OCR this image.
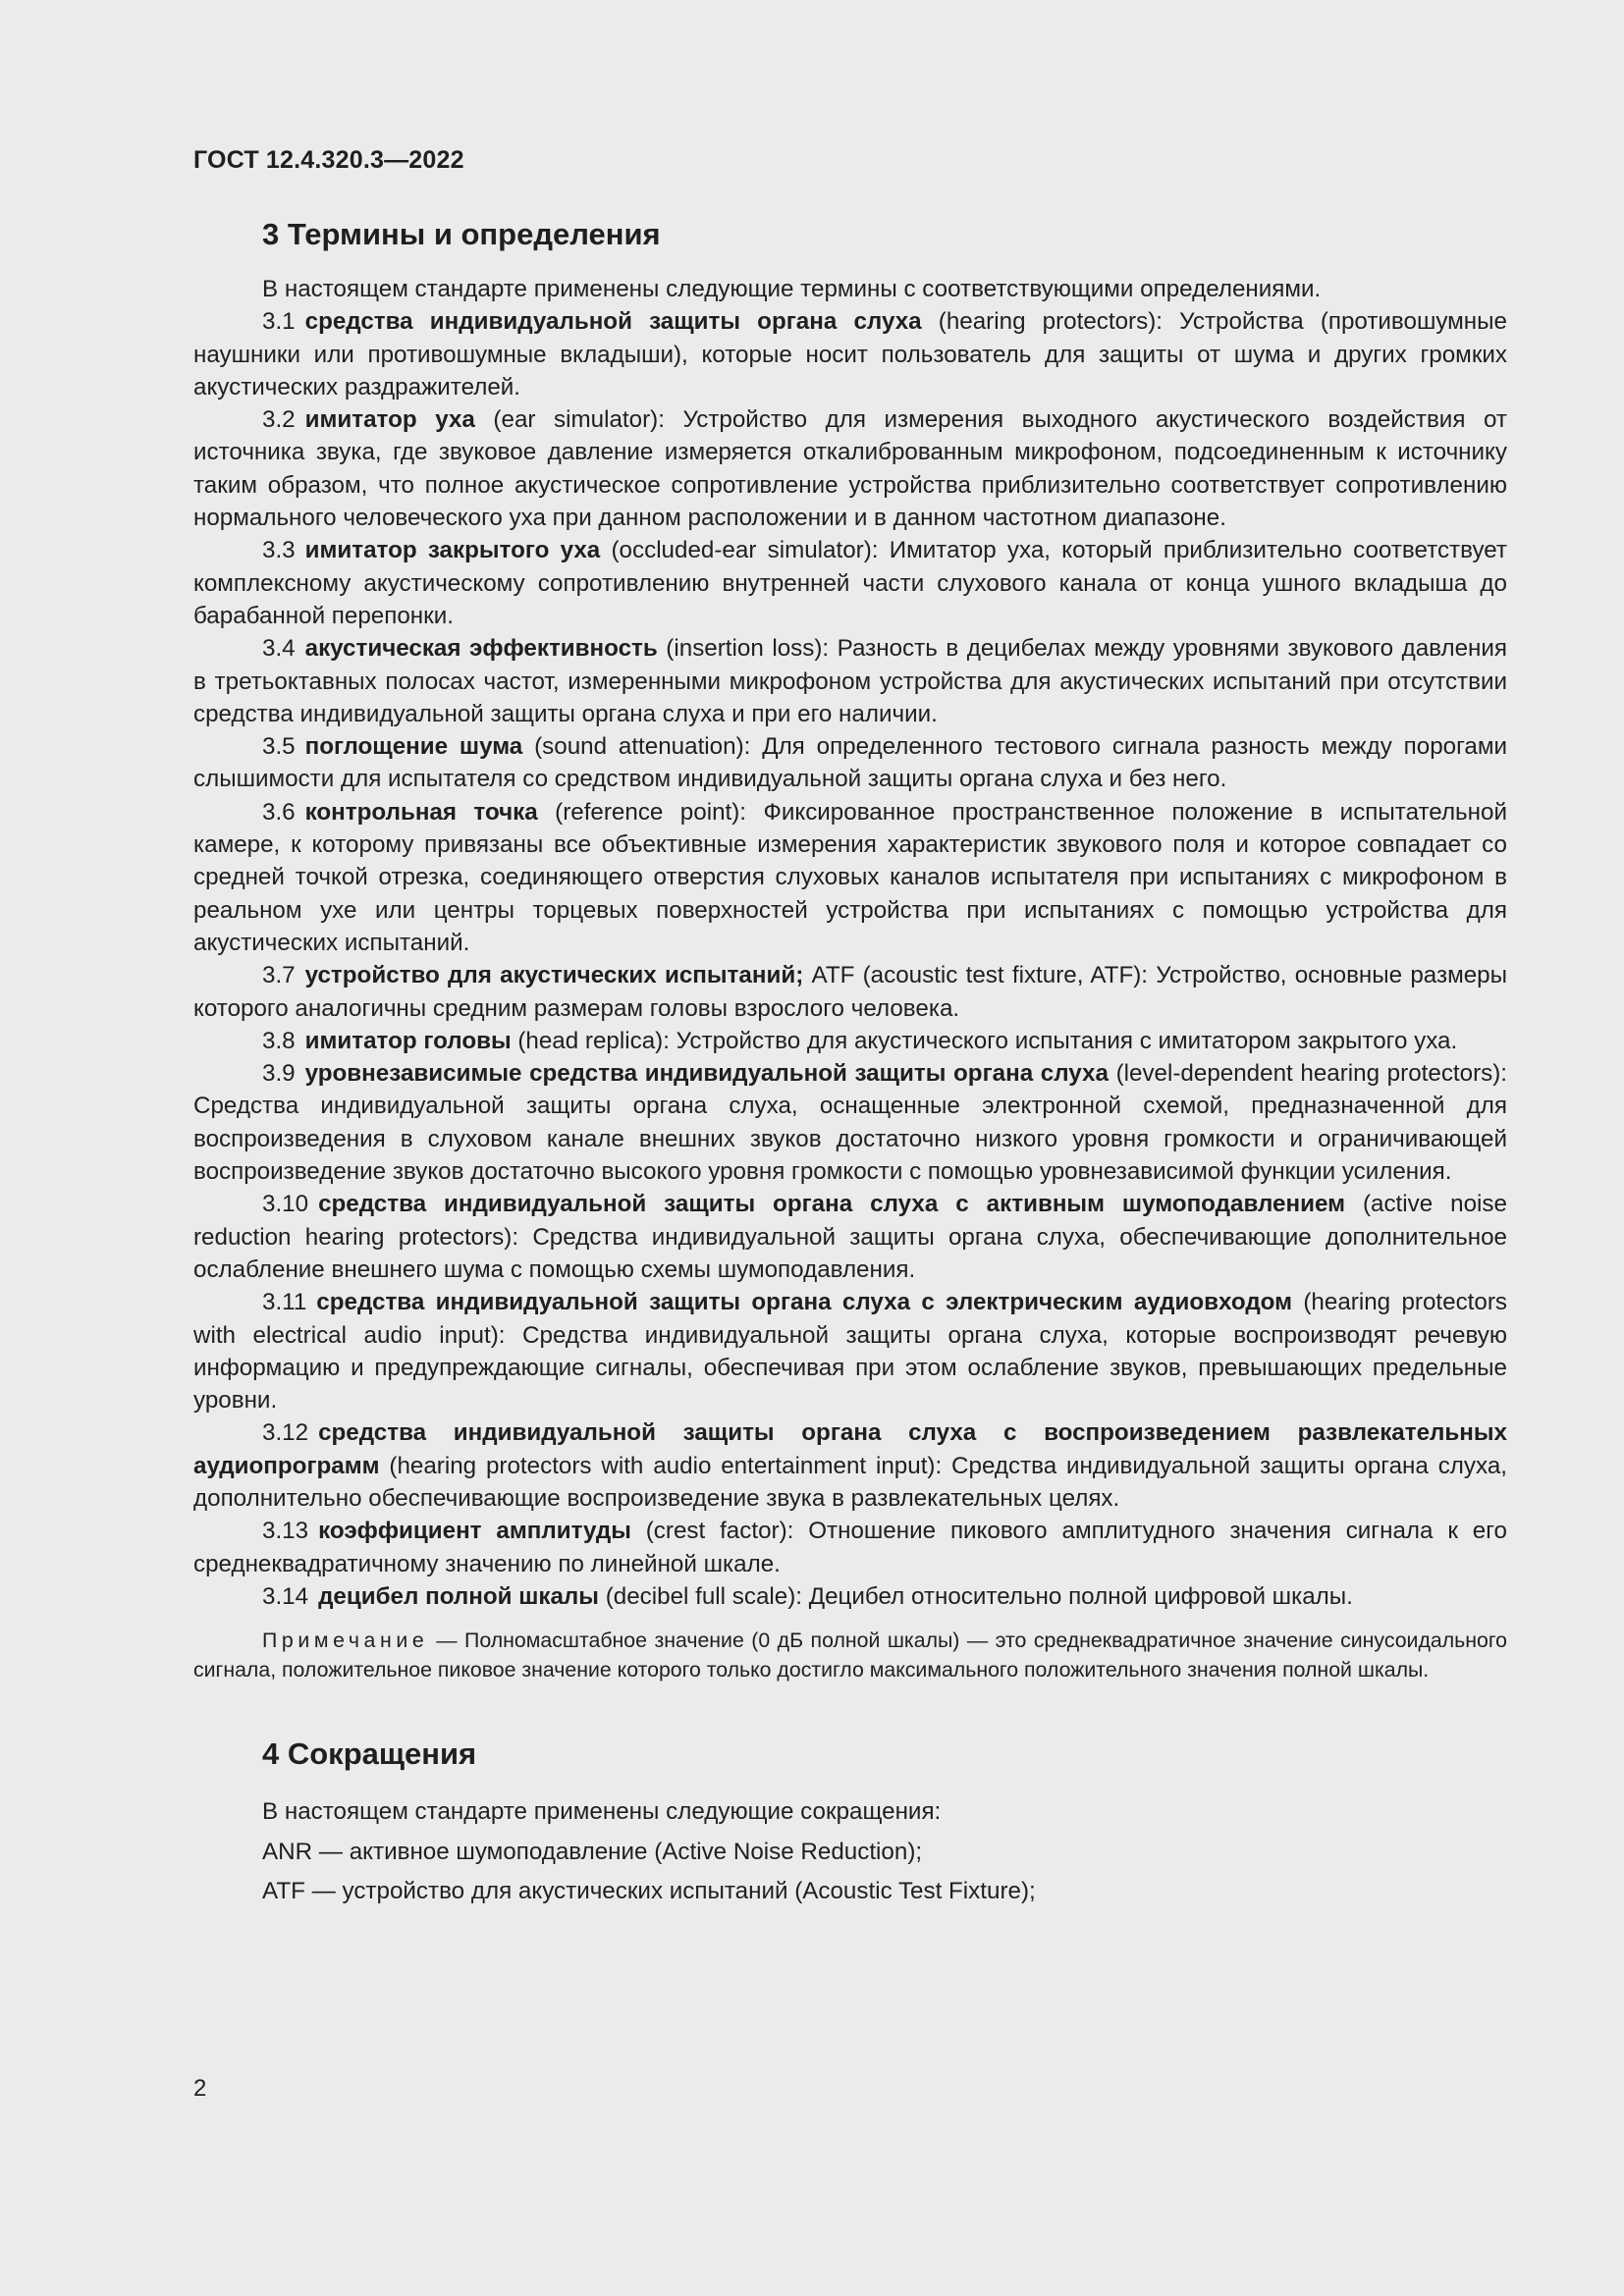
ГОСТ 12.4.320.3—2022
3 Термины и определения

В настоящем стандарте применены следующие термины с соответствующими определениями.

3.1 средства индивидуальной защиты органа слуха (hearing protectors): Устройства (противошумные наушники или противошумные вкладыши), которые носит пользователь для защиты от шума и других громких акустических раздражителей.

3.2 имитатор уха (ear simulator): Устройство для измерения выходного акустического воздействия от источника звука, где звуковое давление измеряется откалиброванным микрофоном, подсоединенным к источнику таким образом, что полное акустическое сопротивление устройства приблизительно соответствует сопротивлению нормального человеческого уха при данном расположении и в данном частотном диапазоне.

3.3 имитатор закрытого уха (occluded-ear simulator): Имитатор уха, который приблизительно соответствует комплексному акустическому сопротивлению внутренней части слухового канала от конца ушного вкладыша до барабанной перепонки.

3.4 акустическая эффективность (insertion loss): Разность в децибелах между уровнями звукового давления в третьоктавных полосах частот, измеренными микрофоном устройства для акустических испытаний при отсутствии средства индивидуальной защиты органа слуха и при его наличии.

3.5 поглощение шума (sound attenuation): Для определенного тестового сигнала разность между порогами слышимости для испытателя со средством индивидуальной защиты органа слуха и без него.

3.6 контрольная точка (reference point): Фиксированное пространственное положение в испытательной камере, к которому привязаны все объективные измерения характеристик звукового поля и которое совпадает со средней точкой отрезка, соединяющего отверстия слуховых каналов испытателя при испытаниях с микрофоном в реальном ухе или центры торцевых поверхностей устройства при испытаниях с помощью устройства для акустических испытаний.

3.7 устройство для акустических испытаний; ATF (acoustic test fixture, ATF): Устройство, основные размеры которого аналогичны средним размерам головы взрослого человека.

3.8 имитатор головы (head replica): Устройство для акустического испытания с имитатором закрытого уха.

3.9 уровнезависимые средства индивидуальной защиты органа слуха (level-dependent hearing protectors): Средства индивидуальной защиты органа слуха, оснащенные электронной схемой, предназначенной для воспроизведения в слуховом канале внешних звуков достаточно низкого уровня громкости и ограничивающей воспроизведение звуков достаточно высокого уровня громкости с помощью уровнезависимой функции усиления.

3.10 средства индивидуальной защиты органа слуха с активным шумоподавлением (active noise reduction hearing protectors): Средства индивидуальной защиты органа слуха, обеспечивающие дополнительное ослабление внешнего шума с помощью схемы шумоподавления.

3.11 средства индивидуальной защиты органа слуха с электрическим аудиовходом (hearing protectors with electrical audio input): Средства индивидуальной защиты органа слуха, которые воспроизводят речевую информацию и предупреждающие сигналы, обеспечивая при этом ослабление звуков, превышающих предельные уровни.

3.12 средства индивидуальной защиты органа слуха с воспроизведением развлекательных аудиопрограмм (hearing protectors with audio entertainment input): Средства индивидуальной защиты органа слуха, дополнительно обеспечивающие воспроизведение звука в развлекательных целях.

3.13 коэффициент амплитуды (crest factor): Отношение пикового амплитудного значения сигнала к его среднеквадратичному значению по линейной шкале.

3.14 децибел полной шкалы (decibel full scale): Децибел относительно полной цифровой шкалы.

Примечание — Полномасштабное значение (0 дБ полной шкалы) — это среднеквадратичное значение синусоидального сигнала, положительное пиковое значение которого только достигло максимального положительного значения полной шкалы.
4 Сокращения

В настоящем стандарте применены следующие сокращения:

ANR — активное шумоподавление (Active Noise Reduction);

ATF — устройство для акустических испытаний (Acoustic Test Fixture);

2
